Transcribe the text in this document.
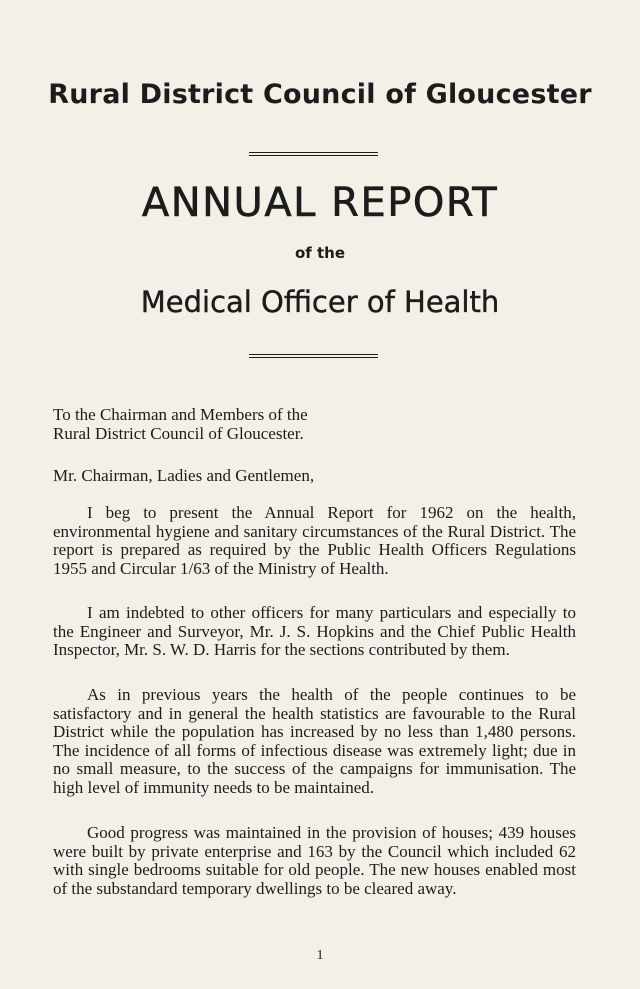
Rural District Council of Gloucester
ANNUAL REPORT
of the
Medical Officer of Health
To the Chairman and Members of the
Rural District Council of Gloucester.
Mr. Chairman, Ladies and Gentlemen,

I beg to present the Annual Report for 1962 on the health, environmental hygiene and sanitary circumstances of the Rural District. The report is prepared as required by the Public Health Officers Regulations 1955 and Circular 1/63 of the Ministry of Health.

I am indebted to other officers for many particulars and especially to the Engineer and Surveyor, Mr. J. S. Hopkins and the Chief Public Health Inspector, Mr. S. W. D. Harris for the sections contributed by them.

As in previous years the health of the people continues to be satisfactory and in general the health statistics are favourable to the Rural District while the population has increased by no less than 1,480 persons. The incidence of all forms of infectious disease was extremely light; due in no small measure, to the success of the campaigns for immunisation. The high level of immunity needs to be maintained.

Good progress was maintained in the provision of houses; 439 houses were built by private enterprise and 163 by the Council which included 62 with single bedrooms suitable for old people. The new houses enabled most of the substandard temporary dwellings to be cleared away.

1
